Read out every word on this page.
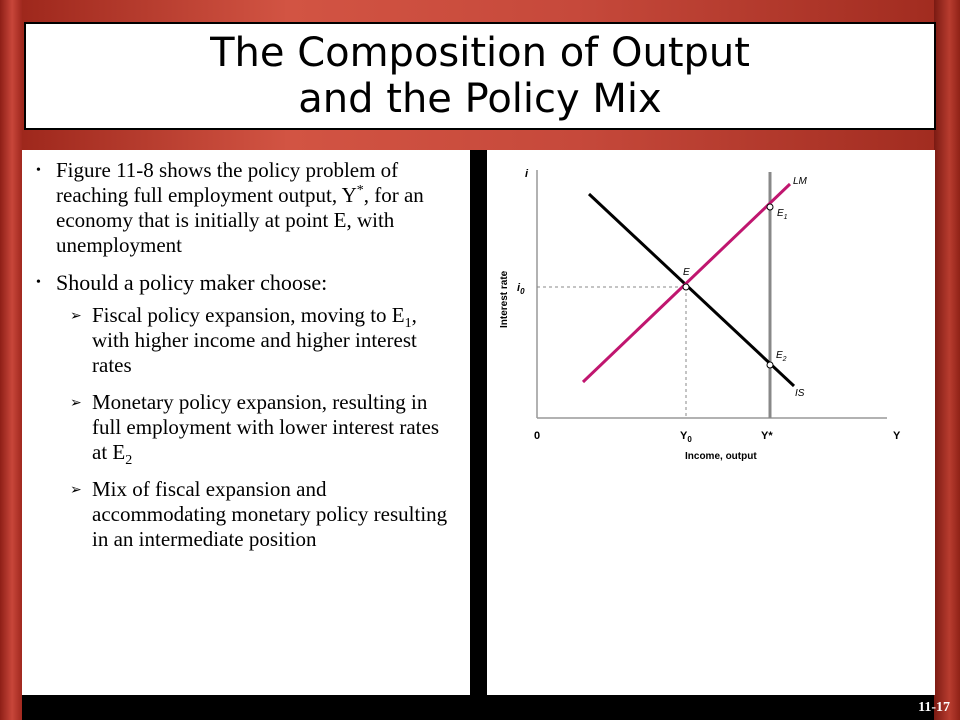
The Composition of Output
and the Policy Mix
• Figure 11-8 shows the policy problem of reaching full employment output, Y*, for an economy that is initially at point E, with unemployment
• Should a policy maker choose:
➢ Fiscal policy expansion, moving to $E_1$, with higher income and higher interest rates
➢ Monetary policy expansion, resulting in full employment with lower interest rates at $E_2$
➢ Mix of fiscal expansion and accommodating monetary policy resulting in an intermediate position
i
Interest rate $i_0$
0	$Y_0$	Y*	Y
Income, output
LM
IS
E
$E_1$
$E_2$
11-17
